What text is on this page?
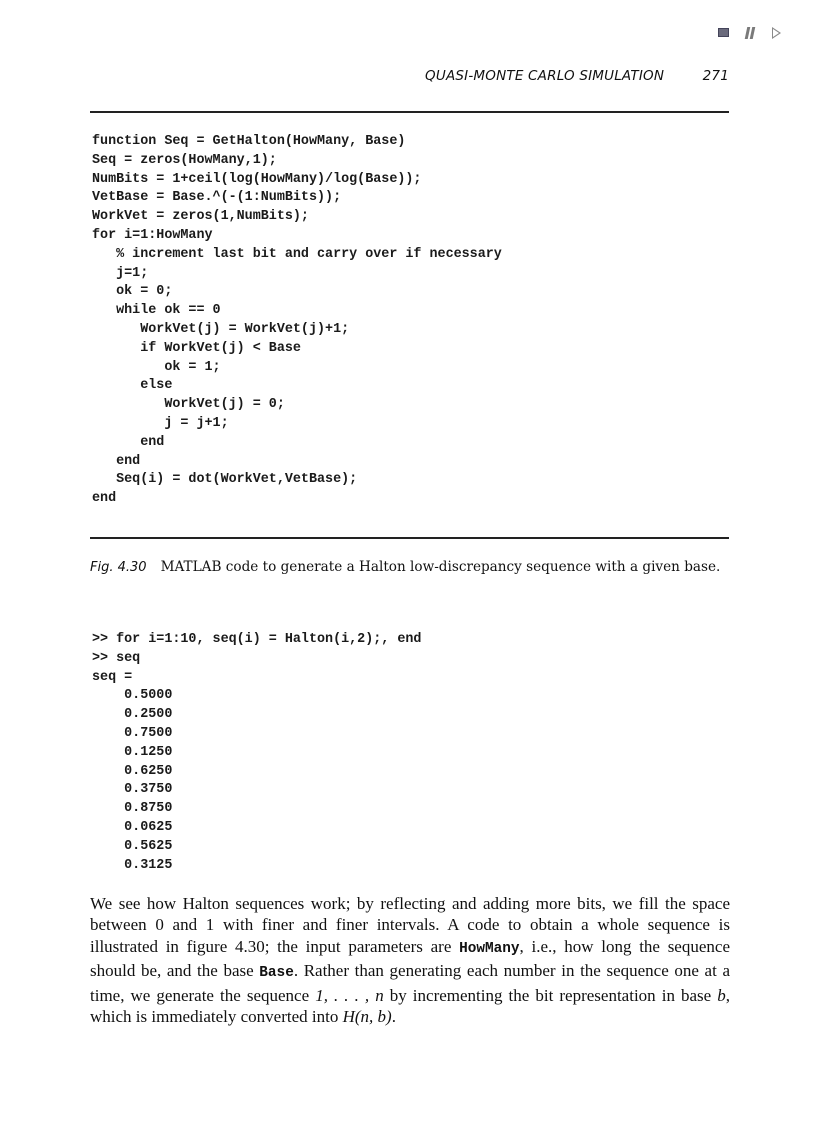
QUASI-MONTE CARLO SIMULATION	271
function Seq = GetHalton(HowMany, Base)
Seq = zeros(HowMany,1);
NumBits = 1+ceil(log(HowMany)/log(Base));
VetBase = Base.^(-(1:NumBits));
WorkVet = zeros(1,NumBits);
for i=1:HowMany
% increment last bit and carry over if necessary
j=1;
ok = 0;
while ok == 0
WorkVet(j) = WorkVet(j)+1;
if WorkVet(j) < Base
ok = 1;
else
WorkVet(j) = 0;
j = j+1;
end
end
Seq(i) = dot(WorkVet,VetBase);
end
Fig. 4.30 MATLAB code to generate a Halton low-discrepancy sequence with a given base.
>> for i=1:10, seq(i) = Halton(i,2);, end
>> seq
seq =
0.5000
0.2500
0.7500
0.1250
0.6250
0.3750
0.8750
0.0625
0.5625
0.3125

We see how Halton sequences work; by reflecting and adding more bits, we fill the space between 0 and 1 with finer and finer intervals. A code to obtain a whole sequence is illustrated in figure 4.30; the input parameters are HowMany, i.e., how long the sequence should be, and the base Base. Rather than generating each number in the sequence one at a time, we generate the sequence 1, . . . , n by incrementing the bit representation in base b, which is immediately converted into H(n, b).
